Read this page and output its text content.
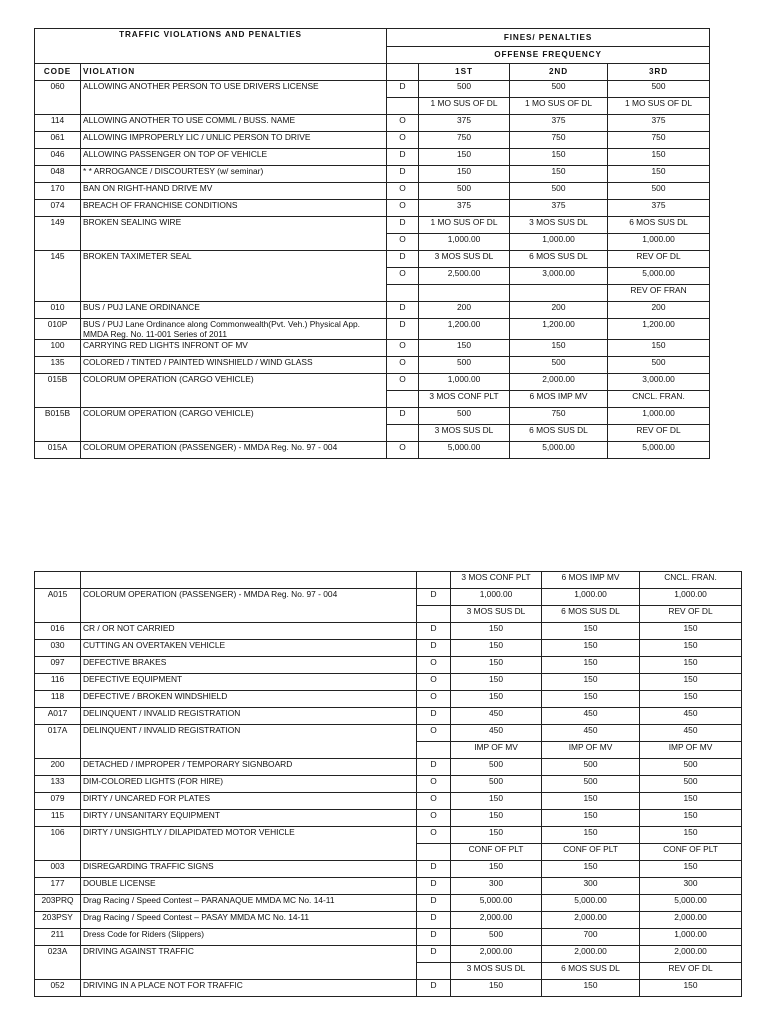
TRAFFIC VIOLATIONS AND PENALTIES		FINES/ PENALTIES			
		OFFENSE FREQUENCY			
CODE	VIOLATION		1ST	2ND	3RD
060	ALLOWING ANOTHER PERSON TO USE DRIVERS LICENSE	D	500	500	500
			1 MO SUS OF DL	1 MO SUS OF DL	1 MO SUS OF DL
114	ALLOWING ANOTHER TO USE COMML / BUSS. NAME	O	375	375	375
061	ALLOWING IMPROPERLY LIC / UNLIC PERSON TO DRIVE	O	750	750	750
046	ALLOWING PASSENGER ON TOP OF VEHICLE	D	150	150	150
048	* * ARROGANCE / DISCOURTESY (w/ seminar)	D	150	150	150
170	BAN ON RIGHT-HAND DRIVE MV	O	500	500	500
074	BREACH OF FRANCHISE CONDITIONS	O	375	375	375
149	BROKEN SEALING WIRE	D	1 MO SUS OF DL	3 MOS SUS DL	6 MOS SUS DL
		O	1,000.00	1,000.00	1,000.00
145	BROKEN TAXIMETER SEAL	D	3 MOS SUS DL	6 MOS SUS DL	REV OF DL
		O	2,500.00	3,000.00	5,000.00
					REV OF FRAN
010	BUS / PUJ LANE ORDINANCE	D	200	200	200
010P	BUS / PUJ Lane Ordinance along Commonwealth(Pvt. Veh.) Physical App. MMDA Reg. No. 11-001 Series of 2011	D	1,200.00	1,200.00	1,200.00
100	CARRYING RED LIGHTS INFRONT OF MV	O	150	150	150
135	COLORED / TINTED / PAINTED WINSHIELD / WIND GLASS	O	500	500	500
015B	COLORUM OPERATION (CARGO VEHICLE)	O	1,000.00	2,000.00	3,000.00
			3 MOS CONF PLT	6 MOS IMP MV	CNCL. FRAN.
B015B	COLORUM OPERATION (CARGO VEHICLE)	D	500	750	1,000.00
			3 MOS SUS DL	6 MOS SUS DL	REV OF DL
015A	COLORUM OPERATION (PASSENGER) - MMDA Reg. No. 97 - 004	O	5,000.00	5,000.00	5,000.00
			3 MOS CONF PLT	6 MOS IMP MV	CNCL. FRAN.
A015	COLORUM OPERATION (PASSENGER) - MMDA Reg. No. 97 - 004	D	1,000.00	1,000.00	1,000.00
			3 MOS SUS DL	6 MOS SUS DL	REV OF DL
016	CR / OR NOT CARRIED	D	150	150	150
030	CUTTING AN OVERTAKEN VEHICLE	D	150	150	150
097	DEFECTIVE BRAKES	O	150	150	150
116	DEFECTIVE EQUIPMENT	O	150	150	150
118	DEFECTIVE / BROKEN WINDSHIELD	O	150	150	150
A017	DELINQUENT / INVALID REGISTRATION	D	450	450	450
017A	DELINQUENT / INVALID REGISTRATION	O	450	450	450
			IMP OF MV	IMP OF MV	IMP OF MV
200	DETACHED / IMPROPER / TEMPORARY SIGNBOARD	D	500	500	500
133	DIM-COLORED LIGHTS (FOR HIRE)	O	500	500	500
079	DIRTY / UNCARED FOR PLATES	O	150	150	150
115	DIRTY / UNSANITARY EQUIPMENT	O	150	150	150
106	DIRTY / UNSIGHTLY / DILAPIDATED MOTOR VEHICLE	O	150	150	150
			CONF OF PLT	CONF OF PLT	CONF OF PLT
003	DISREGARDING TRAFFIC SIGNS	D	150	150	150
177	DOUBLE LICENSE	D	300	300	300
203PRQ	Drag Racing / Speed Contest – PARANAQUE MMDA MC No. 14-11	D	5,000.00	5,000.00	5,000.00
203PSY	Drag Racing / Speed Contest – PASAY MMDA MC No. 14-11	D	2,000.00	2,000.00	2,000.00
211	Dress Code for Riders (Slippers)	D	500	700	1,000.00
023A	DRIVING AGAINST TRAFFIC	D	2,000.00	2,000.00	2,000.00
			3 MOS SUS DL	6 MOS SUS DL	REV OF DL
052	DRIVING IN A PLACE NOT FOR TRAFFIC	D	150	150	150
